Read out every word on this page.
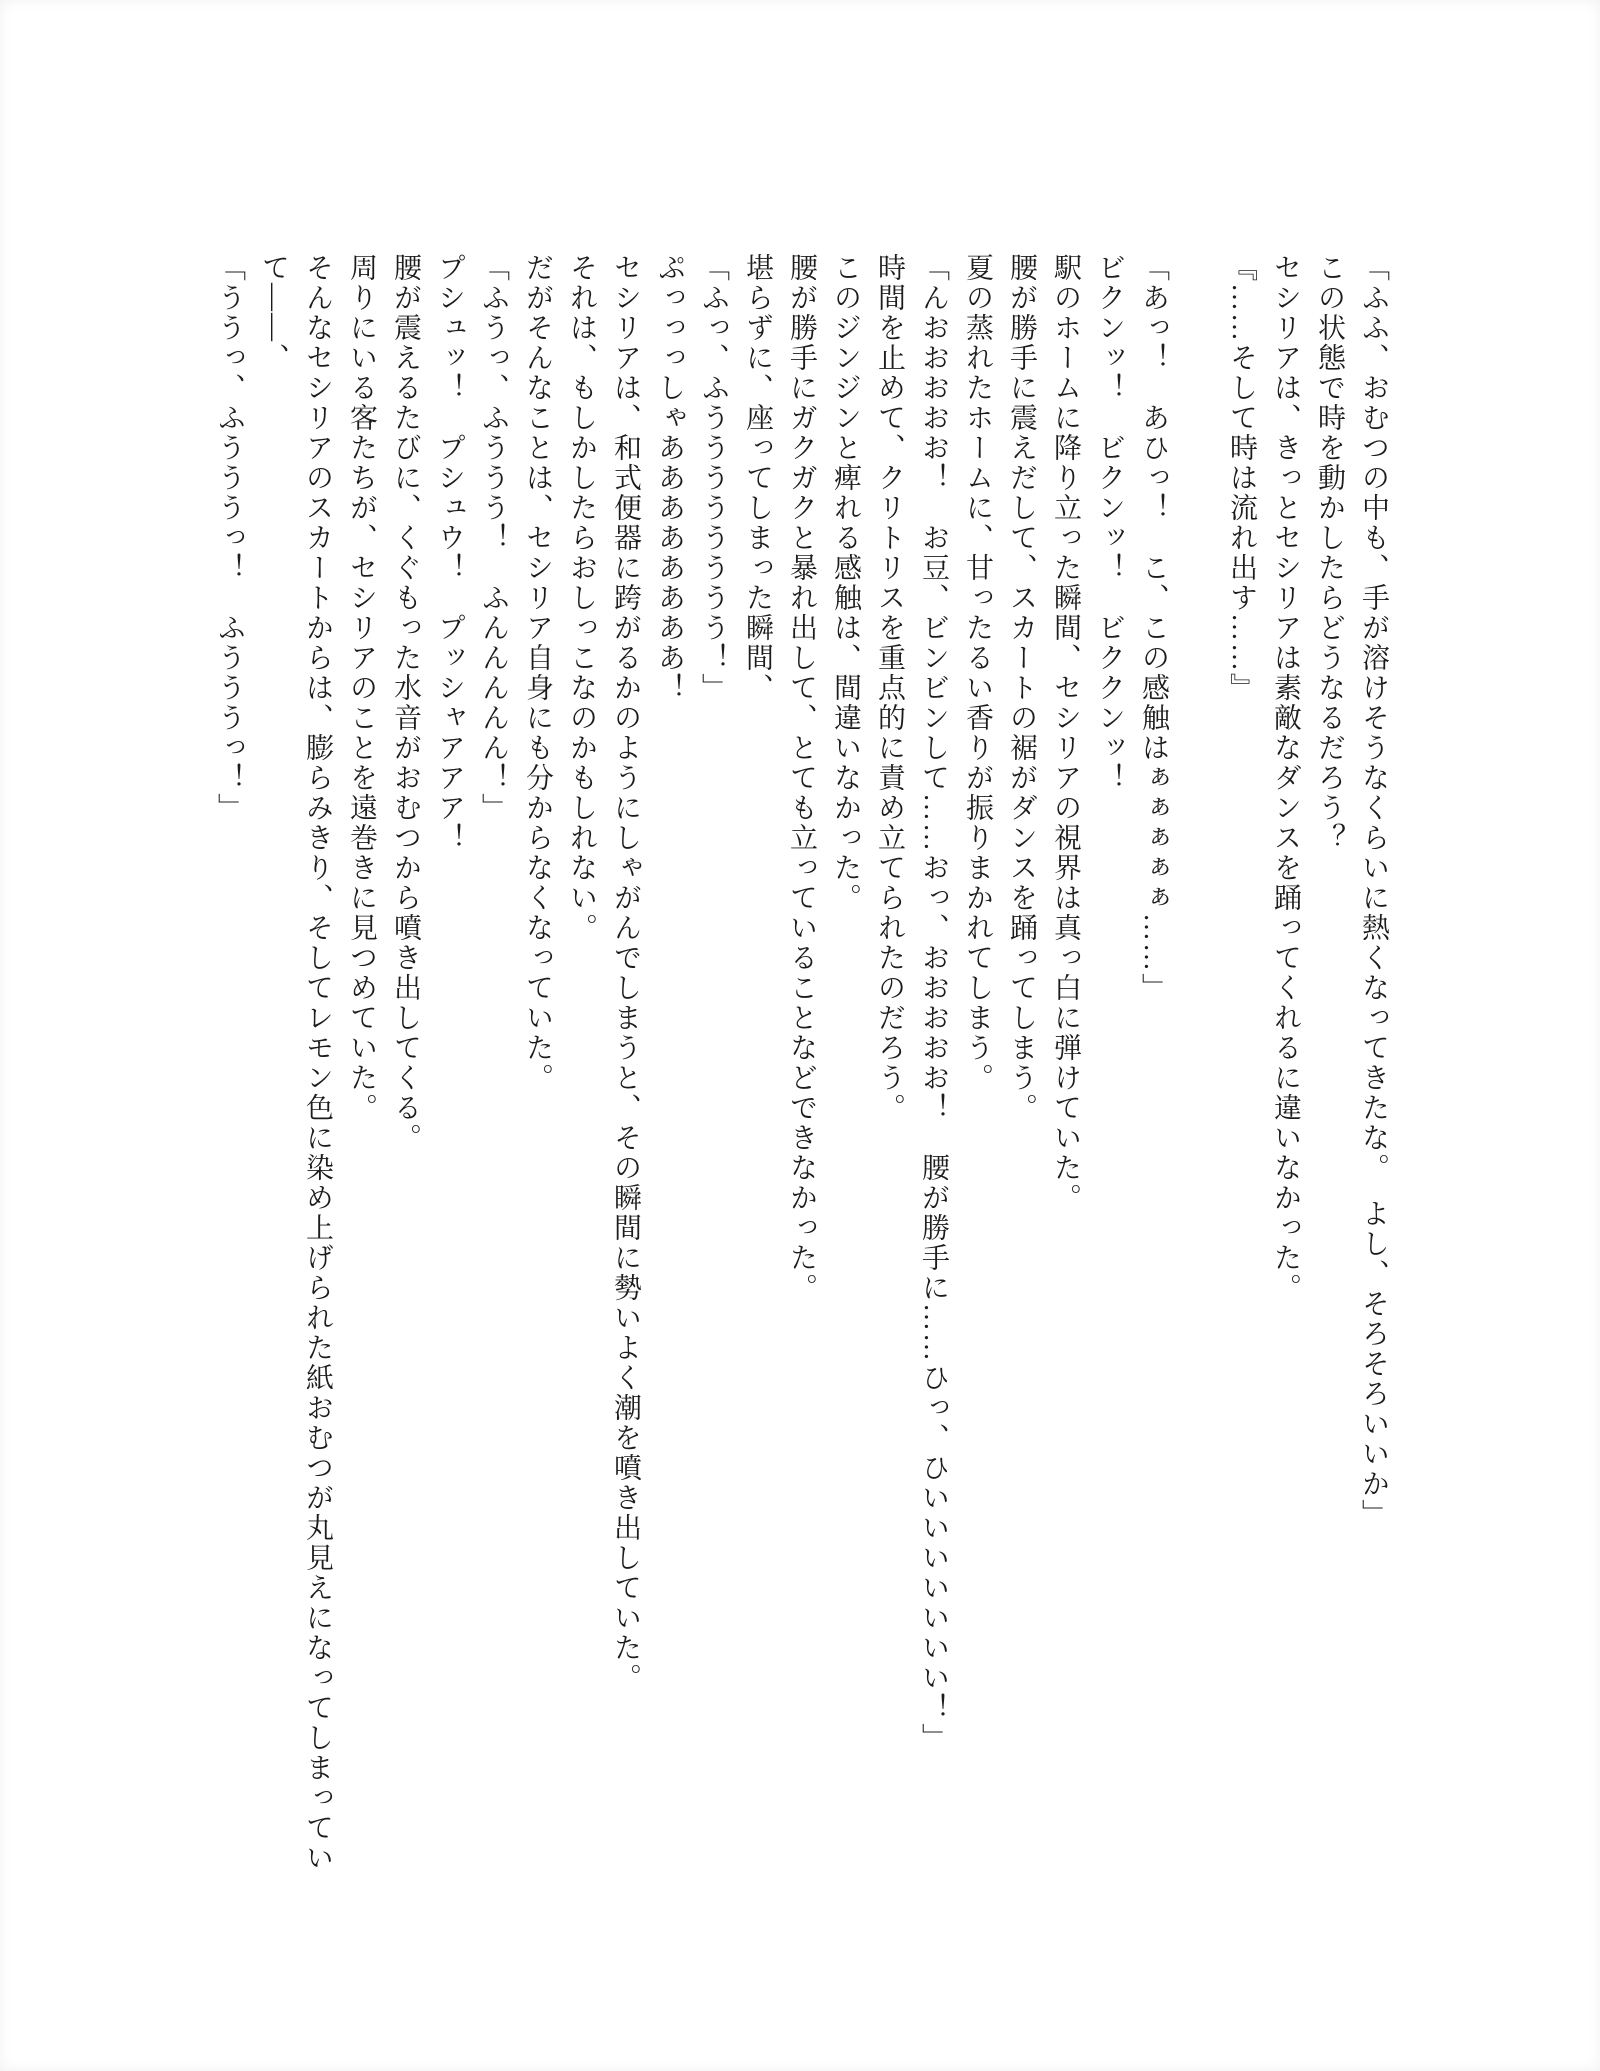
「ふふ、おむつの中も、手が溶けそうなくらいに熱くなってきたな。　よし、そろそろいいか」

この状態で時を動かしたらどうなるだろう？

セシリアは、きっとセシリアは素敵なダンスを踊ってくれるに違いなかった。

『……そして時は流れ出す……』

「あっ！　あひっ！　こ、この感触はぁぁぁぁぁ……」

ビクンッ！　ビクンッ！　ビククンッ！

駅のホームに降り立った瞬間、セシリアの視界は真っ白に弾けていた。

腰が勝手に震えだして、スカートの裾がダンスを踊ってしまう。

夏の蒸れたホームに、甘ったるい香りが振りまかれてしまう。

「んおおおおお！　お豆、ビンビンして……おっ、おおおおお！　腰が勝手に……ひっ、ひいいいいいいい！」

時間を止めて、クリトリスを重点的に責め立てられたのだろう。

このジンジンと痺れる感触は、間違いなかった。

腰が勝手にガクガクと暴れ出して、とても立っていることなどできなかった。

堪らずに、座ってしまった瞬間、

「ふっ、ふうううううううう！」

ぷっっっしゃああああああああ！

セシリアは、和式便器に跨がるかのようにしゃがんでしまうと、その瞬間に勢いよく潮を噴き出していた。

それは、もしかしたらおしっこなのかもしれない。

だがそんなことは、セシリア自身にも分からなくなっていた。

「ふうっ、ふううう！　ふんんんんん！」

プシュッ！　プシュウ！　プッシャアアア！

腰が震えるたびに、くぐもった水音がおむつから噴き出してくる。

周りにいる客たちが、セシリアのことを遠巻きに見つめていた。

そんなセシリアのスカートからは、膨らみきり、そしてレモン色に染め上げられた紙おむつが丸見えになってしまっていて――、

「ううっ、ふうううっ！　ふうううっ！」
